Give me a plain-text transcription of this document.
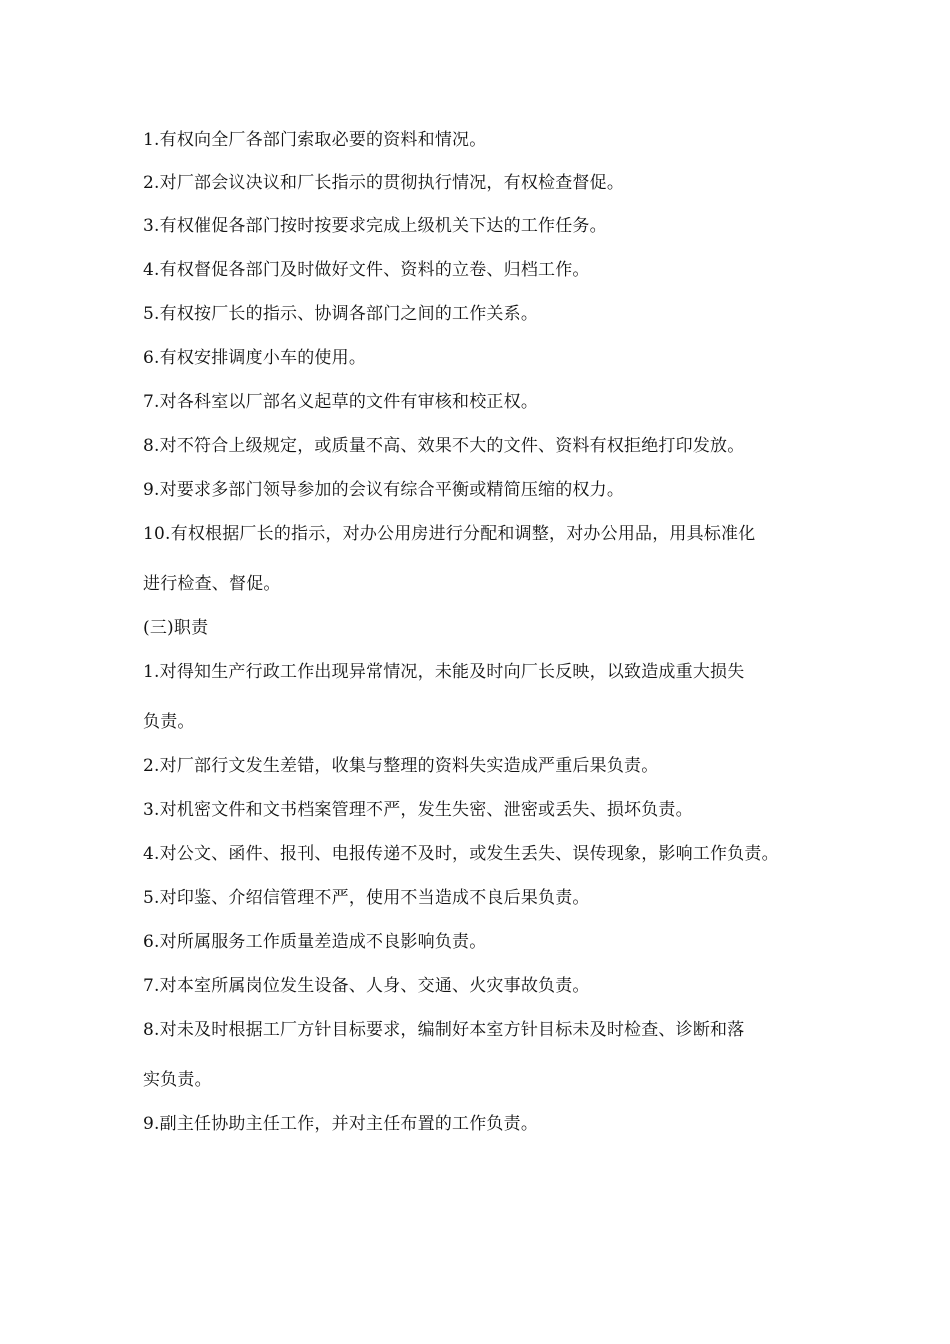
1.有权向全厂各部门索取必要的资料和情况。
2.对厂部会议决议和厂长指示的贯彻执行情况，有权检查督促。
3.有权催促各部门按时按要求完成上级机关下达的工作任务。
4.有权督促各部门及时做好文件、资料的立卷、归档工作。
5.有权按厂长的指示、协调各部门之间的工作关系。
6.有权安排调度小车的使用。
7.对各科室以厂部名义起草的文件有审核和校正权。
8.对不符合上级规定，或质量不高、效果不大的文件、资料有权拒绝打印发放。
9.对要求多部门领导参加的会议有综合平衡或精简压缩的权力。
10.有权根据厂长的指示，对办公用房进行分配和调整，对办公用品，用具标准化
进行检查、督促。
(三)职责
1.对得知生产行政工作出现异常情况，未能及时向厂长反映，以致造成重大损失
负责。
2.对厂部行文发生差错，收集与整理的资料失实造成严重后果负责。
3.对机密文件和文书档案管理不严，发生失密、泄密或丢失、损坏负责。
4.对公文、函件、报刊、电报传递不及时，或发生丢失、误传现象，影响工作负责。
5.对印鉴、介绍信管理不严，使用不当造成不良后果负责。
6.对所属服务工作质量差造成不良影响负责。
7.对本室所属岗位发生设备、人身、交通、火灾事故负责。
8.对未及时根据工厂方针目标要求，编制好本室方针目标未及时检查、诊断和落
实负责。
9.副主任协助主任工作，并对主任布置的工作负责。
